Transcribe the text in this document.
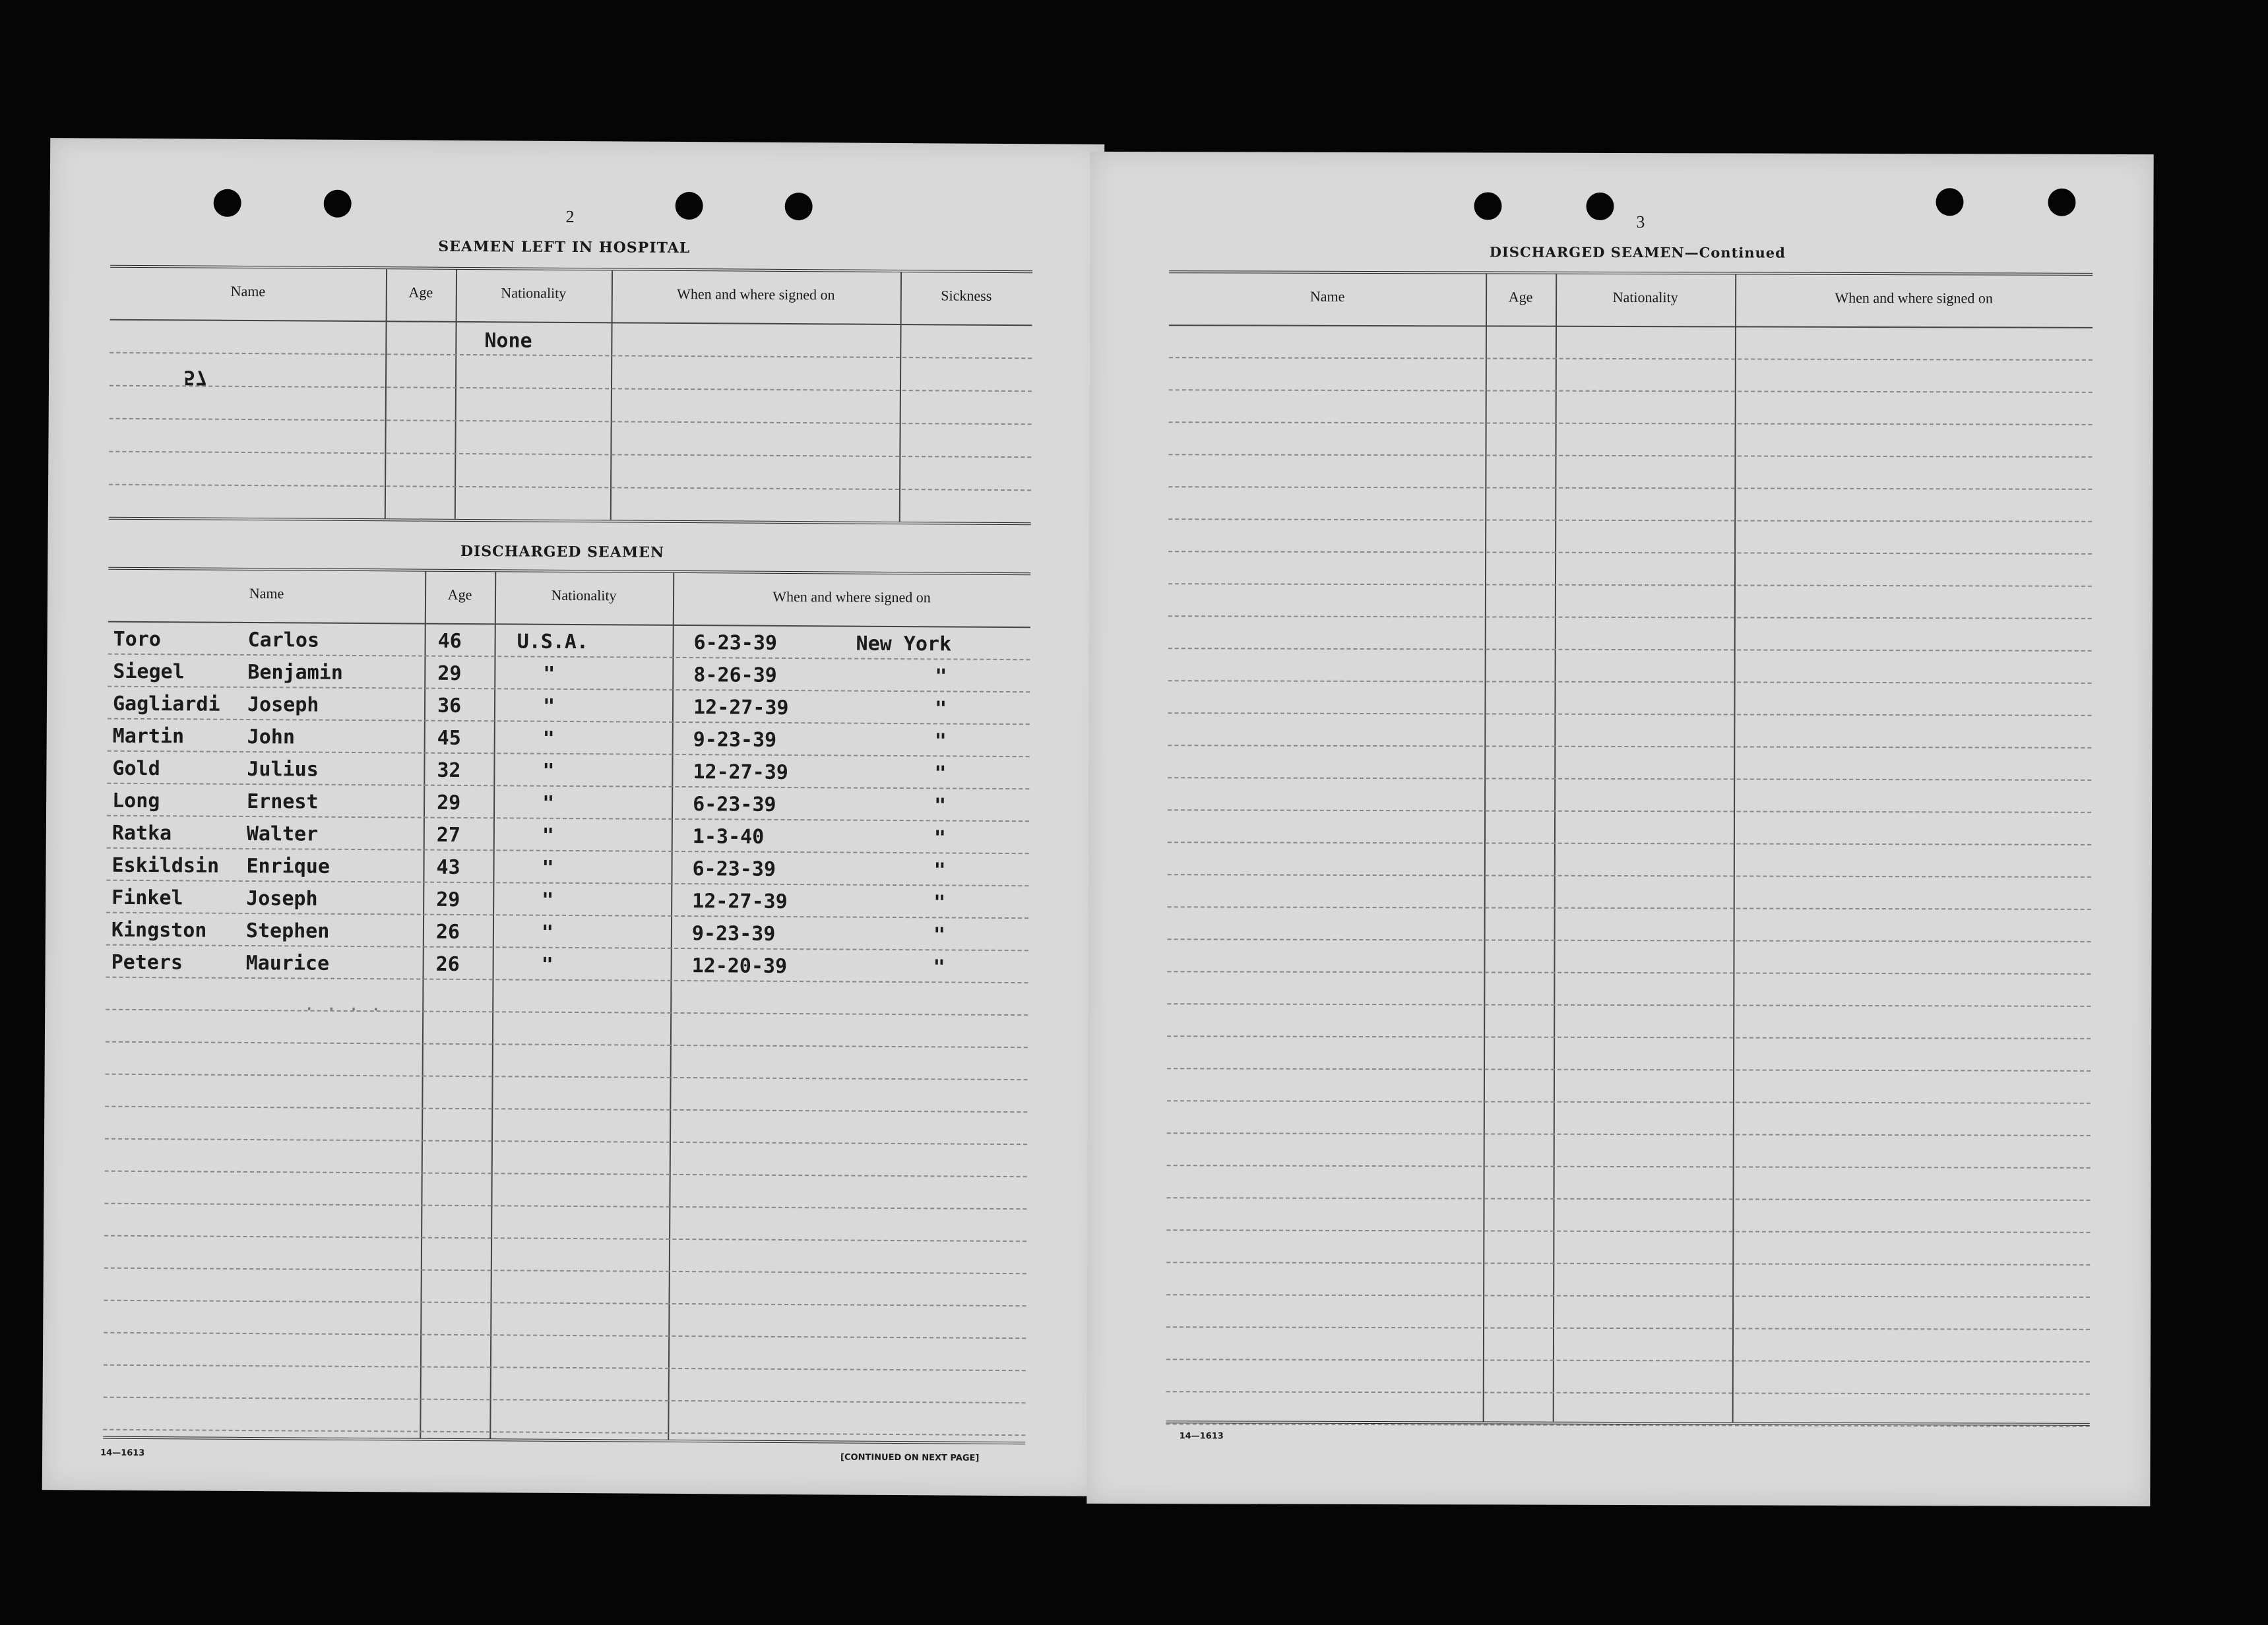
2
SEAMEN LEFT IN HOSPITAL
Name	Age	Nationality	When and where signed on	Sickness
None
57
DISCHARGED SEAMEN
Name	Age	Nationality	When and where signed on
Toro	Carlos	46	U.S.A.	6-23-39	New York
Siegel	Benjamin	29	"	8-26-39	"
Gagliardi Joseph	36	"	12-27-39	"
Martin	John	45	"	9-23-39	"
Gold	Julius	32	"	12-27-39	"
Long	Ernest	29	"	6-23-39	"
Ratka	Walter	27	"	1-3-40	"
Eskildsin Enrique	43	"	6-23-39	"
Finkel	Joseph	29	"	12-27-39	"
Kingston Stephen	26	"	9-23-39	"
Peters	Maurice	26	"	12-20-39	"
. . . .
14—1613	[CONTINUED ON NEXT PAGE]
3
DISCHARGED SEAMEN—Continued
Name	Age	Nationality	When and where signed on
14—1613
